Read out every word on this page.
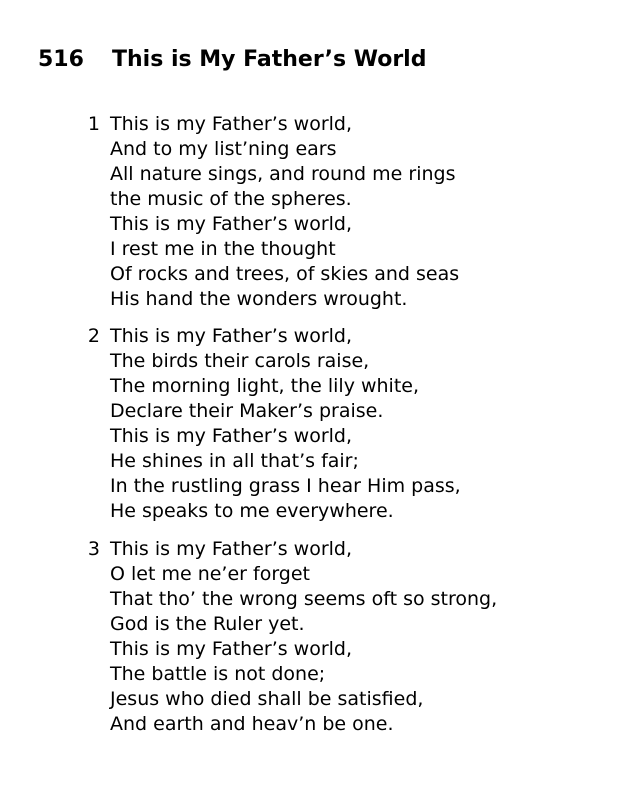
516	This is My Father’s World
1 This is my Father’s world,
And to my list’ning ears
All nature sings, and round me rings
the music of the spheres.
This is my Father’s world,
I rest me in the thought
Of rocks and trees, of skies and seas
His hand the wonders wrought.
2 This is my Father’s world,
The birds their carols raise,
The morning light, the lily white,
Declare their Maker’s praise.
This is my Father’s world,
He shines in all that’s fair;
In the rustling grass I hear Him pass,
He speaks to me everywhere.
3 This is my Father’s world,
O let me ne’er forget
That tho’ the wrong seems oft so strong,
God is the Ruler yet.
This is my Father’s world,
The battle is not done;
Jesus who died shall be satisfied,
And earth and heav’n be one.
